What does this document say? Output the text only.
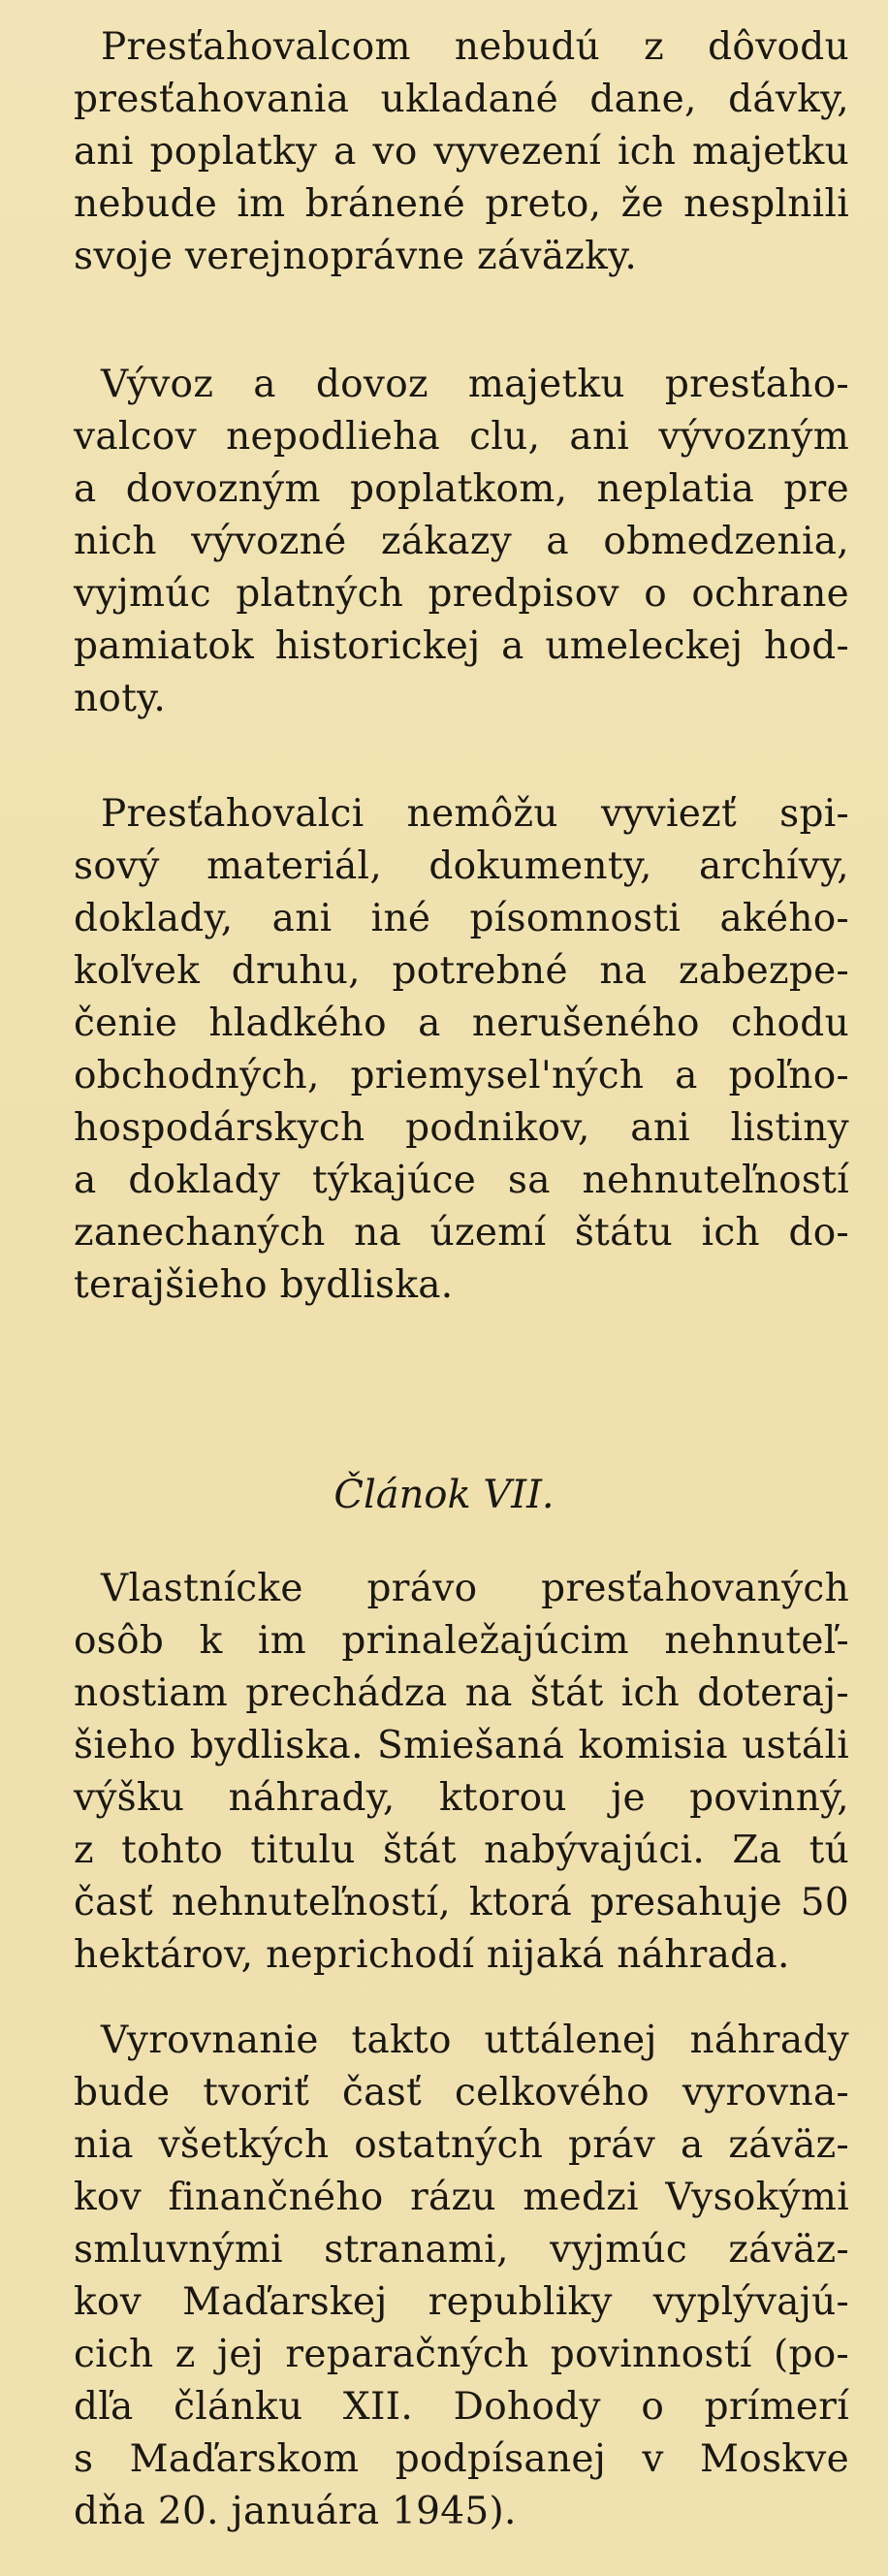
Presťahovalcom nebudú z dôvodu
presťahovania ukladané dane, dávky,
ani poplatky a vo vyvezení ich majetku
nebude im bránené preto, že nesplnili
svoje verejnoprávne záväzky.
Vývoz a dovoz majetku presťaho-
valcov nepodlieha clu, ani vývozným
a dovozným poplatkom, neplatia pre
nich vývozné zákazy a obmedzenia,
vyjmúc platných predpisov o ochrane
pamiatok historickej a umeleckej hod-
noty.
Presťahovalci nemôžu vyviezť spi-
sový materiál, dokumenty, archívy,
doklady, ani iné písomnosti akého-
koľvek druhu, potrebné na zabezpe-
čenie hladkého a nerušeného chodu
obchodných, priemysel'ných a poľno-
hospodárskych podnikov, ani listiny
a doklady týkajúce sa nehnuteľností
zanechaných na území štátu ich do-
terajšieho bydliska.
Článok VII.
Vlastnícke právo presťahovaných
osôb k im prinaležajúcim nehnuteľ-
nostiam prechádza na štát ich doteraj-
šieho bydliska. Smiešaná komisia ustáli
výšku náhrady, ktorou je povinný,
z tohto titulu štát nabývajúci. Za tú
časť nehnuteľností, ktorá presahuje 50
hektárov, neprichodí nijaká náhrada.
Vyrovnanie takto uttálenej náhrady
bude tvoriť časť celkového vyrovna-
nia všetkých ostatných práv a záväz-
kov finančného rázu medzi Vysokými
smluvnými stranami, vyjmúc záväz-
kov Maďarskej republiky vyplývajú-
cich z jej reparačných povinností (po-
dľa článku XII. Dohody o prímerí
s Maďarskom podpísanej v Moskve
dňa 20. januára 1945).
